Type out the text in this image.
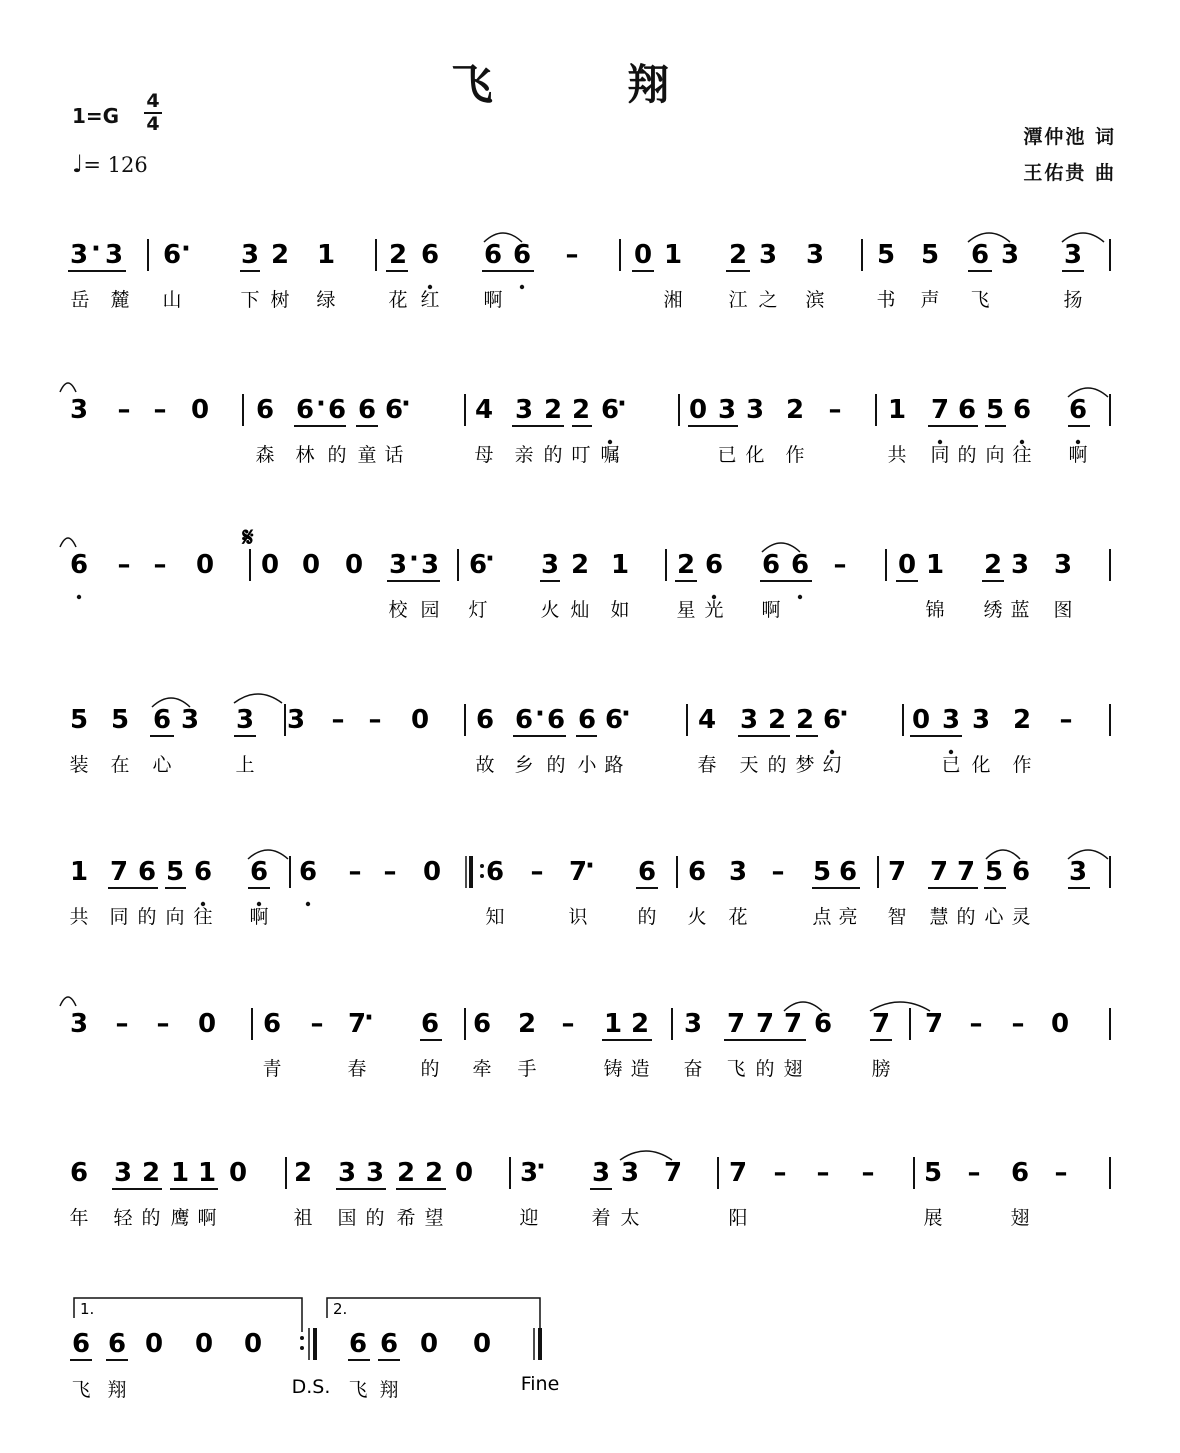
飞 翔
1=G
4
4
♩= 126
潭仲池 词
王佑贵 曲
3 · 3 6 · 3 2 1 2 6 6 6 – 0 1 2 3 3 5 5 6 3 3
岳 麓 山	下 树 绿	花 红 啊	湘 江 之 滨	书 声 飞	扬
3 – – 0 6 6 · 6 6 6
· 4 3 2 2 6
· 0 3 3 2 – 1 7 6 5 6 6
森 林 的 童 话	母 亲 的 叮 嘱	已 化 作	共 同 的 向 往 啊
6 – – 0 0 0 0 3 · 3 6
· 3 2 1 2 6 6 6 – 0 1 2 3 3
校 园 灯	火 灿 如 星 光 啊	锦 绣 蓝 图
5 5 6 3 3 3 – – 0 6 6 · 6 6 6
·	4 3 2 2 6
· 0 3 3 2 –
装 在 心	上	故 乡 的 小 路	春 天 的 梦 幻	已 化 作
1 7 6 5 6 6 6 – – 0 6 – 7
· 6 6 3 – 5 6 7 7 7 5 6 3
共 同 的 向 往 啊	知	识	的 火 花	点 亮 智 慧 的 心 灵
3 – – 0 6 – 7
· 6 6 2 – 1 2 3 7 7 7 6 7 7 – – 0
青	春	的 牵 手	铸 造 奋 飞 的 翅	膀
6 3 2 1 1 0 2 3 3 2 2 0 3
· 3 3 7 7 – – – 5 – 6 –
年 轻 的 鹰 啊	祖 国 的 希 望	迎	着 太	阳	展	翅
6 6 0 0 0	6 6 0 0
飞 翔	飞 翔
𝄋
1.	2.
D.S.	Fine
